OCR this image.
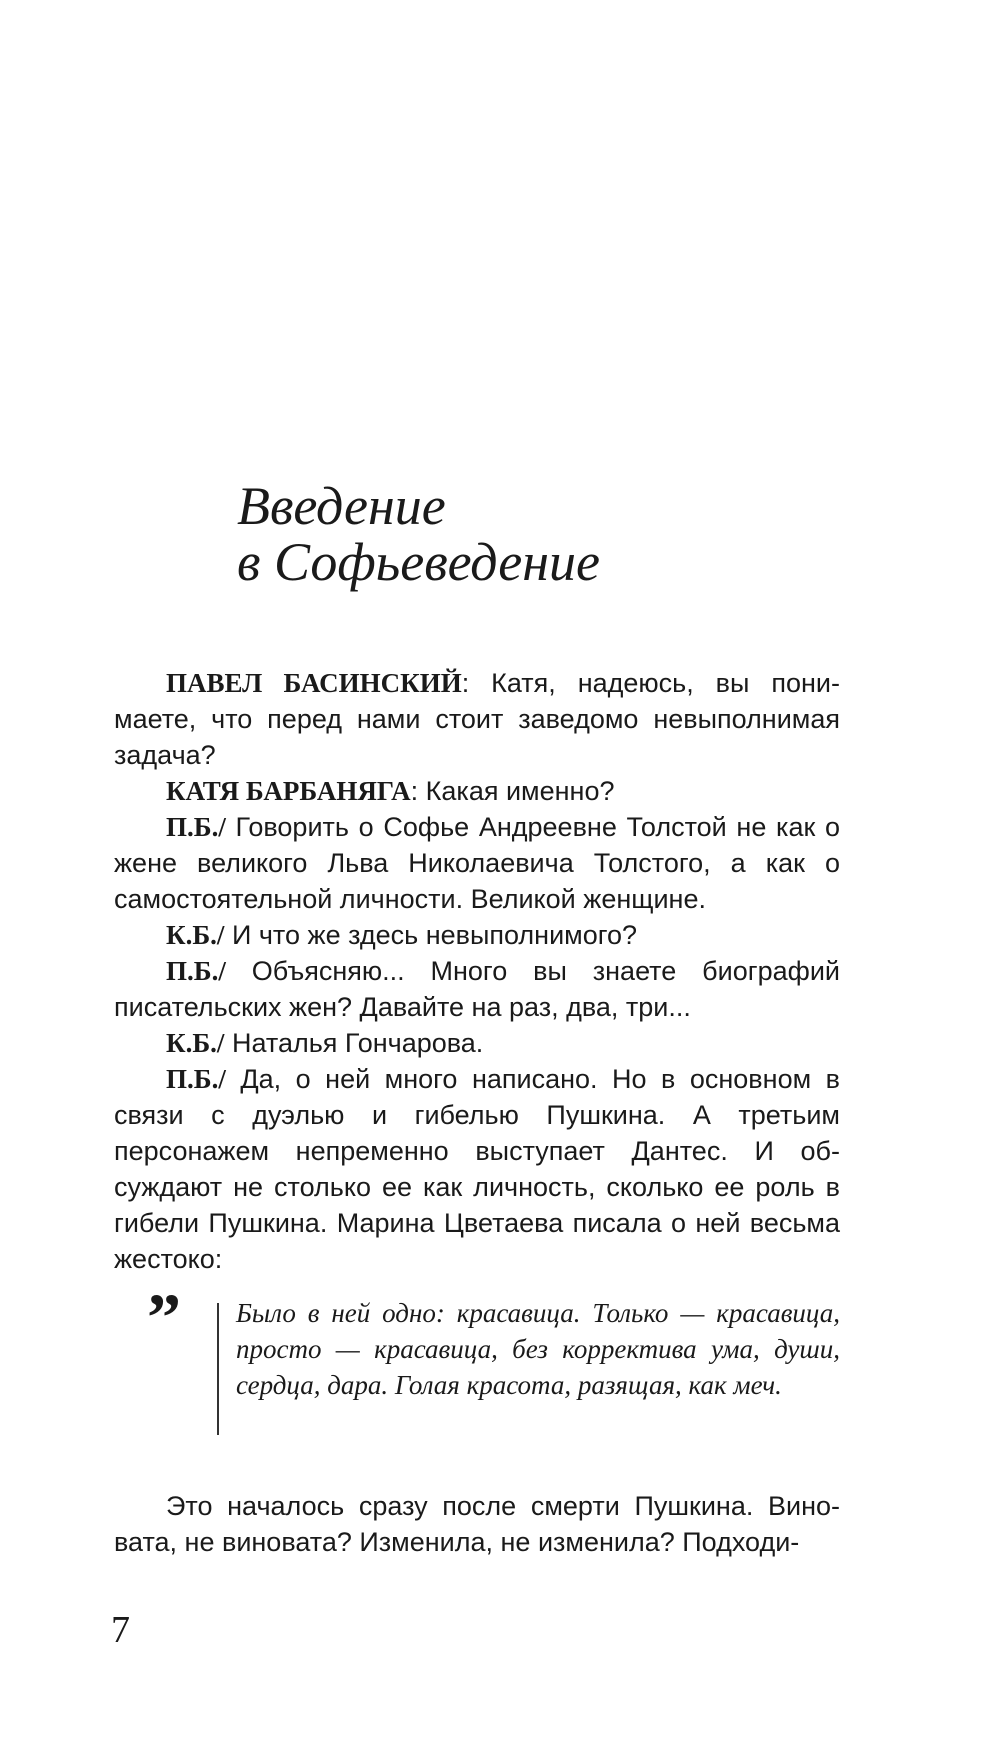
Введение
в Софьеведение

ПАВЕЛ БАСИНСКИЙ: Катя, надеюсь, вы понимаете, что перед нами стоит заведомо невыполнимая задача?

КАТЯ БАРБАНЯГА: Какая именно?

П.Б./ Говорить о Софье Андреевне Толстой не как о жене великого Льва Николаевича Толстого, а как о самостоятельной личности. Великой женщине.

К.Б./ И что же здесь невыполнимого?

П.Б./ Объясняю... Много вы знаете биографий писательских жен? Давайте на раз, два, три...

К.Б./ Наталья Гончарова.

П.Б./ Да, о ней много написано. Но в основном в связи с дуэлью и гибелью Пушкина. А третьим персонажем непременно выступает Дантес. И обсуждают не столько ее как личность, сколько ее роль в гибели Пушкина. Марина Цветаева писала о ней весьма жестоко:

” Было в ней одно: красавица. Только — красавица, просто — красавица, без корректива ума, души, сердца, дара. Голая красота, разящая, как меч.

Это началось сразу после смерти Пушкина. Виновата, не виновата? Изменила, не изменила? Подходи-

7
